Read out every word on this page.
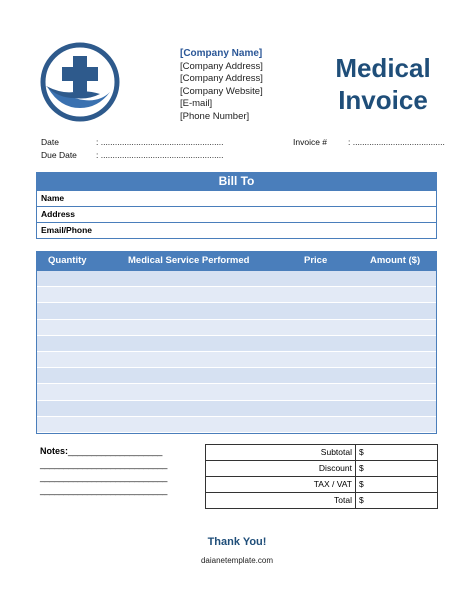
[Company Name]
[Company Address]
[Company Address]
[Company Website]
[E-mail]
[Phone Number]
Medical
Invoice
Date	: ....................................................
Due Date : ....................................................
Invoice # : .......................................
Bill To
Name
Address
Email/Phone
Quantity	Medical Service Performed	Price	Amount ($)
Notes:____________________
___________________________
___________________________
___________________________
Subtotal $
Discount $
TAX / VAT $
Total $
Thank You!
daianetemplate.com
